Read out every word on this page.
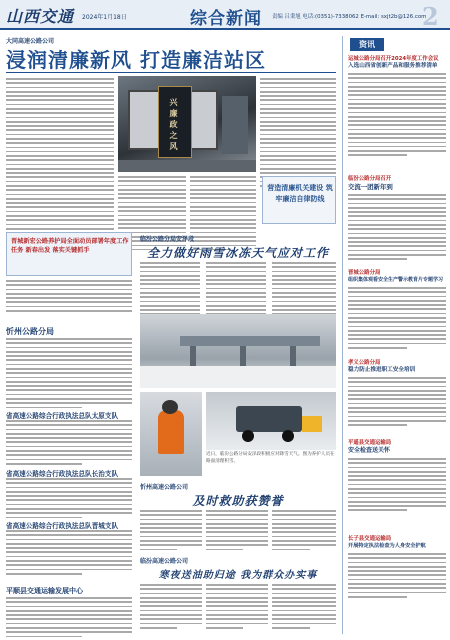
山西交通 2024年1月18日	综合新闻 责编 吕秉旭 电话:(0351)-7338062 E-mail: sxjt2b@126.com
2
大同高速公路公司
浸润清廉新风 打造廉洁站区
兴廉政之风
营造清廉机关建设 筑牢廉洁自律防线
晋城新宏公路养护局全面动员部署年度工作任务 新春出发 落实关键抓手
忻州公路分局
省高速公路综合行政执法总队太原支队
省高速公路综合行政执法总队长治支队
省高速公路综合行政执法总队晋城支队
平顺县交通运输发展中心
临汾公路分局安泽段
全力做好雨雪冰冻天气应对工作
近日，临汾公路分局安泽段积极应对降雪天气。图为养护人员在路面清理积雪。
忻州高速公路公司
及时救助获赞誉
临汾高速公路公司
寒夜送油助归途 我为群众办实事
资讯
运城公路分局召开2024年度工作会议
入选山西省创新产品和服务推荐清单
临汾公路分局召开
交流一团新年到
晋城公路分局
组织集体观看安全生产警示教育片专题学习
孝义公路分局
稳力防止推进职工安全培训
平遥县交通运输局
安全检查送关怀
长子县交通运输局
开展特定执法检查为人身安全护航
